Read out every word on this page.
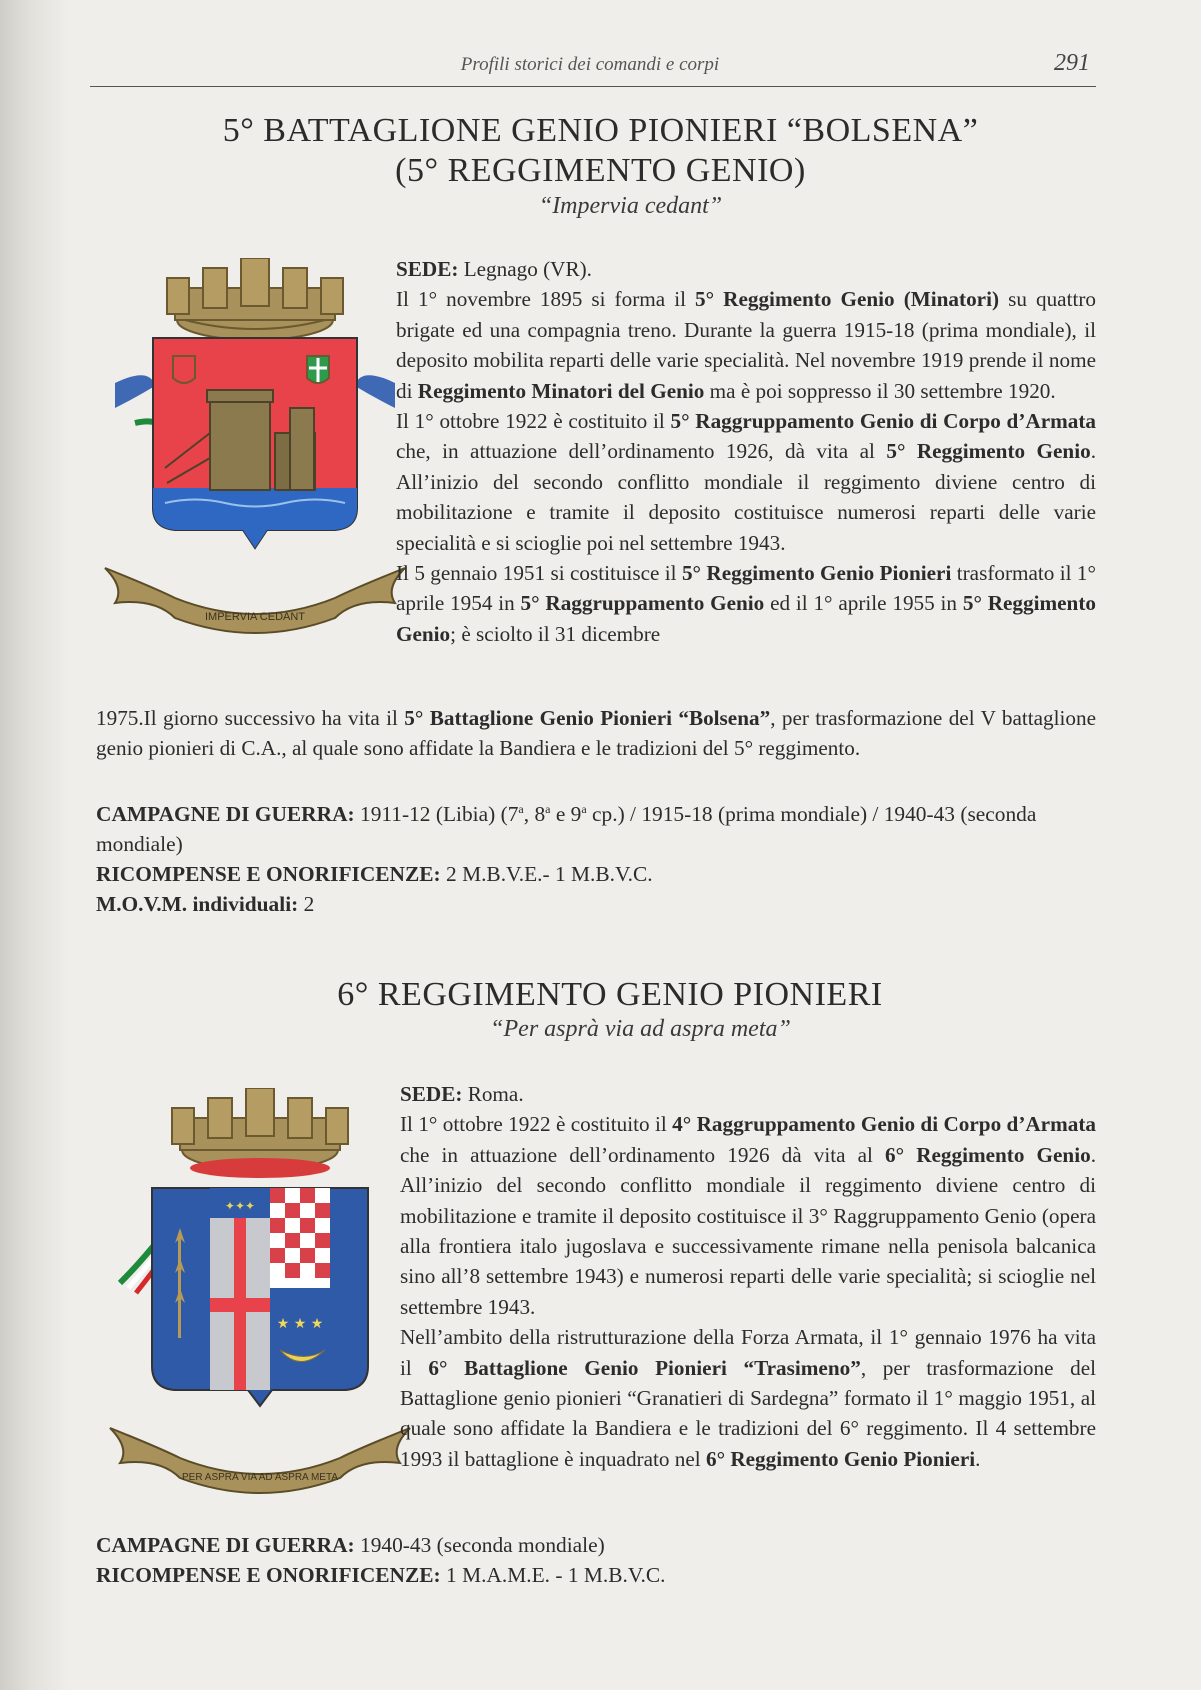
Profili storici dei comandi e corpi	291
5° BATTAGLIONE GENIO PIONIERI “BOLSENA”
(5° REGGIMENTO GENIO)
“Impervia cedant”
IMPERVIA CEDANT

SEDE: Legnago (VR).

Il 1° novembre 1895 si forma il 5° Reggimento Genio (Minatori) su quattro brigate ed una compagnia treno. Durante la guerra 1915-18 (prima mondiale), il deposito mobilita reparti delle varie specialità. Nel novembre 1919 prende il nome di Reggimento Minatori del Genio ma è poi soppresso il 30 settembre 1920.

Il 1° ottobre 1922 è costituito il 5° Raggruppamento Genio di Corpo d’Armata che, in attuazione dell’ordinamento 1926, dà vita al 5° Reggimento Genio. All’inizio del secondo conflitto mondiale il reggimento diviene centro di mobilitazione e tramite il deposito costituisce numerosi reparti delle varie specialità e si scioglie poi nel settembre 1943.

Il 5 gennaio 1951 si costituisce il 5° Reggimento Genio Pionieri trasformato il 1° aprile 1954 in 5° Raggruppamento Genio ed il 1° aprile 1955 in 5° Reggimento Genio; è sciolto il 31 dicembre

1975.Il giorno successivo ha vita il 5° Battaglione Genio Pionieri “Bolsena”, per trasformazione del V battaglione genio pionieri di C.A., al quale sono affidate la Bandiera e le tradizioni del 5° reggimento.

CAMPAGNE DI GUERRA: 1911-12 (Libia) (7$^a$, 8$^a$ e 9$^a$ cp.) / 1915-18 (prima mondiale) / 1940-43 (seconda mondiale)
RICOMPENSE E ONORIFICENZE: 2 M.B.V.E.- 1 M.B.V.C.
M.O.V.M. individuali: 2
6° REGGIMENTO GENIO PIONIERI
“Per asprà via ad aspra meta”
✦✦✦
★ ★ ★
PER ASPRA VIA AD ASPRA META

SEDE: Roma.

Il 1° ottobre 1922 è costituito il 4° Raggruppamento Genio di Corpo d’Armata che in attuazione dell’ordinamento 1926 dà vita al 6° Reggimento Genio. All’inizio del secondo conflitto mondiale il reggimento diviene centro di mobilitazione e tramite il deposito costituisce il 3° Raggruppamento Genio (opera alla frontiera italo jugoslava e successivamente rimane nella penisola balcanica sino all’8 settembre 1943) e numerosi reparti delle varie specialità; si scioglie nel settembre 1943.

Nell’ambito della ristrutturazione della Forza Armata, il 1° gennaio 1976 ha vita il 6° Battaglione Genio Pionieri “Trasimeno”, per trasformazione del Battaglione genio pionieri “Granatieri di Sardegna” formato il 1° maggio 1951, al quale sono affidate la Bandiera e le tradizioni del 6° reggimento. Il 4 settembre 1993 il battaglione è inquadrato nel 6° Reggimento Genio Pionieri.

CAMPAGNE DI GUERRA: 1940-43 (seconda mondiale)
RICOMPENSE E ONORIFICENZE: 1 M.A.M.E. - 1 M.B.V.C.
